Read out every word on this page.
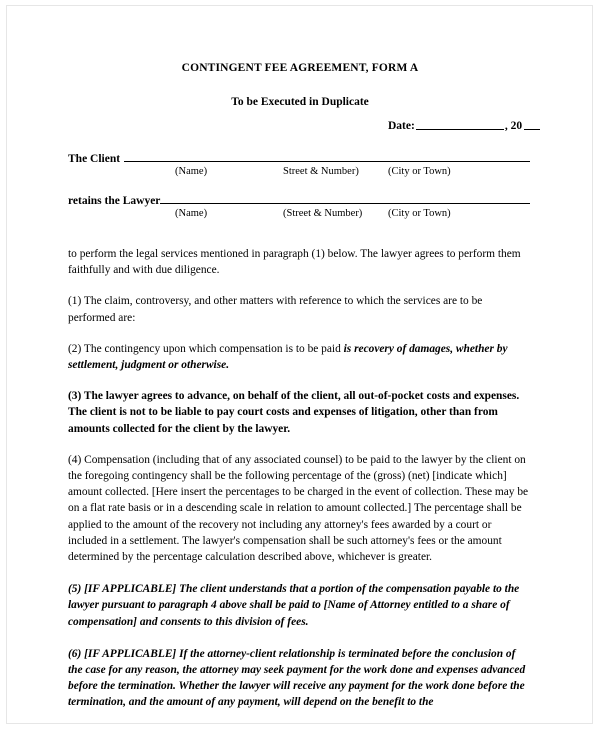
CONTINGENT FEE AGREEMENT, FORM A
To be Executed in Duplicate
Date:	, 20
The Client
(Name)	Street & Number)	(City or Town)
retains the Lawyer
(Name)	(Street & Number) (City or Town)

to perform the legal services mentioned in paragraph (1) below. The lawyer agrees to perform them faithfully and with due diligence.

(1) The claim, controversy, and other matters with reference to which the services are to be performed are:

(2) The contingency upon which compensation is to be paid is recovery of damages, whether by settlement, judgment or otherwise.

(3) The lawyer agrees to advance, on behalf of the client, all out-of-pocket costs and expenses. The client is not to be liable to pay court costs and expenses of litigation, other than from amounts collected for the client by the lawyer.

(4) Compensation (including that of any associated counsel) to be paid to the lawyer by the client on the foregoing contingency shall be the following percentage of the (gross) (net) [indicate which] amount collected. [Here insert the percentages to be charged in the event of collection. These may be on a flat rate basis or in a descending scale in relation to amount collected.] The percentage shall be applied to the amount of the recovery not including any attorney's fees awarded by a court or included in a settlement. The lawyer's compensation shall be such attorney's fees or the amount determined by the percentage calculation described above, whichever is greater.

(5) [IF APPLICABLE] The client understands that a portion of the compensation payable to the lawyer pursuant to paragraph 4 above shall be paid to [Name of Attorney entitled to a share of compensation] and consents to this division of fees.

(6) [IF APPLICABLE] If the attorney-client relationship is terminated before the conclusion of the case for any reason, the attorney may seek payment for the work done and expenses advanced before the termination. Whether the lawyer will receive any payment for the work done before the termination, and the amount of any payment, will depend on the benefit to the
